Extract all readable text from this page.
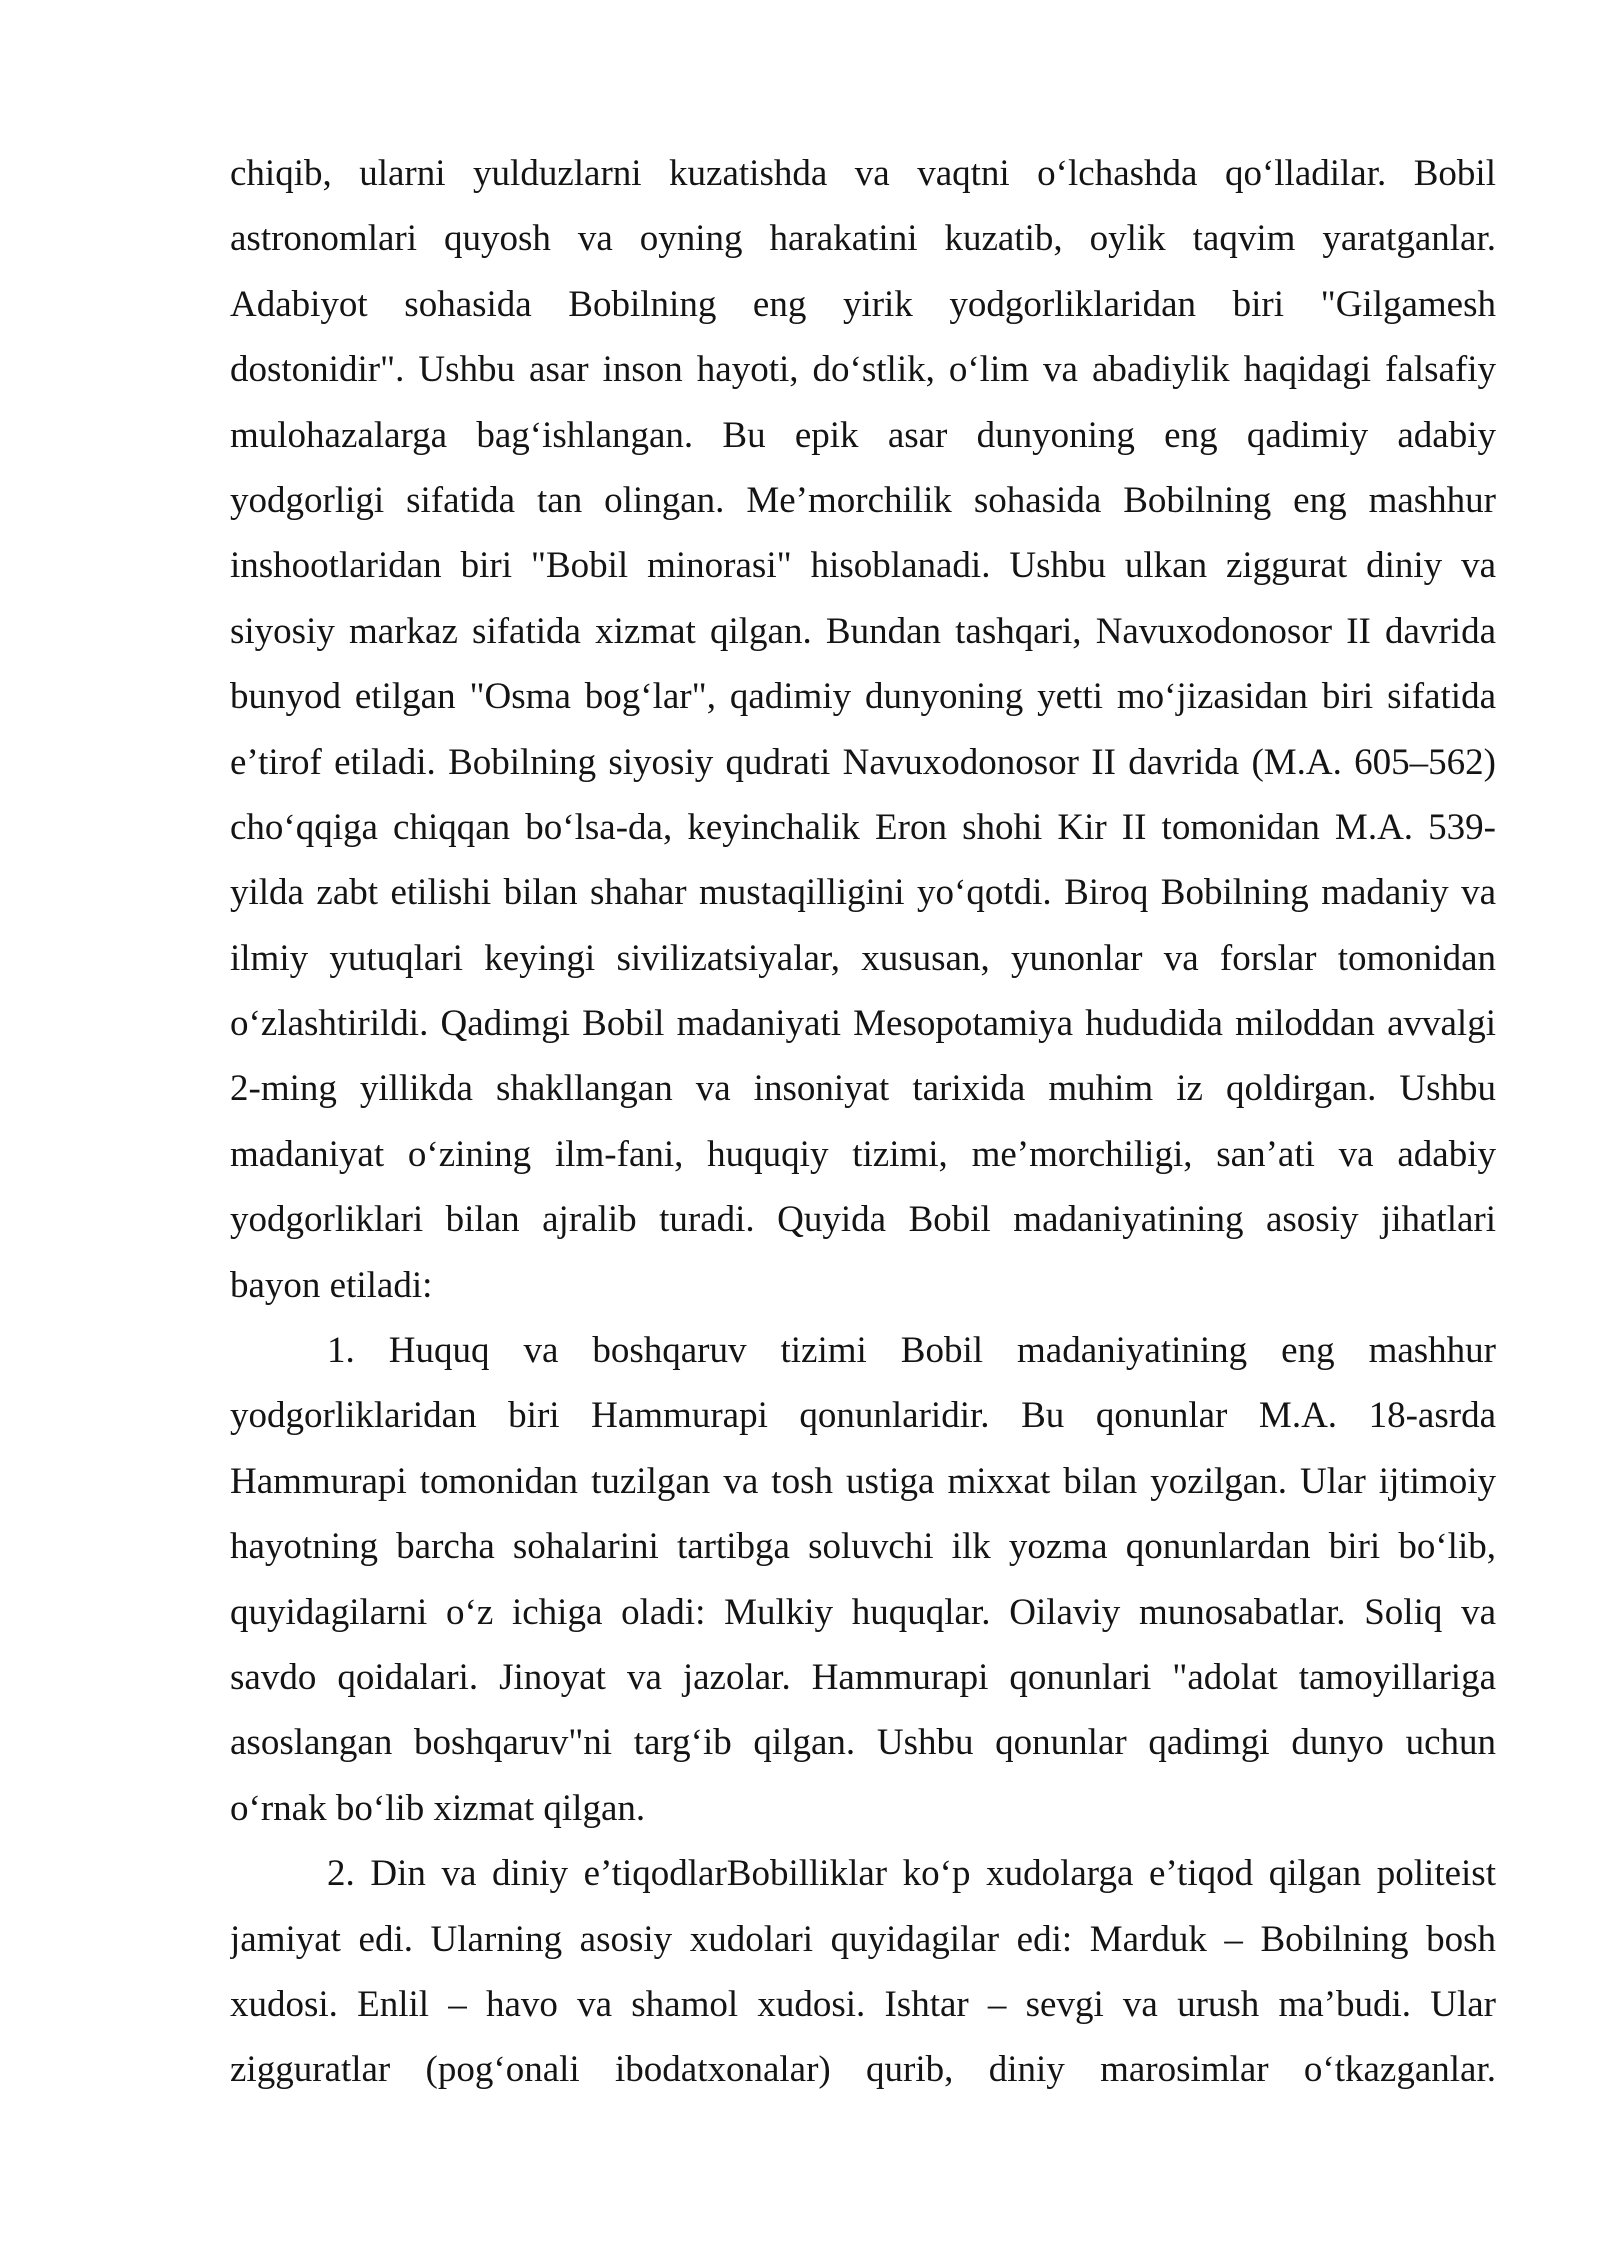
chiqib, ularni yulduzlarni kuzatishda va vaqtni o‘lchashda qo‘lladilar. Bobil
astronomlari quyosh va oyning harakatini kuzatib, oylik taqvim yaratganlar.
Adabiyot sohasida Bobilning eng yirik yodgorliklaridan biri "Gilgamesh
dostonidir". Ushbu asar inson hayoti, do‘stlik, o‘lim va abadiylik haqidagi falsafiy
mulohazalarga bag‘ishlangan. Bu epik asar dunyoning eng qadimiy adabiy
yodgorligi sifatida tan olingan. Me’morchilik sohasida Bobilning eng mashhur
inshootlaridan biri "Bobil minorasi" hisoblanadi. Ushbu ulkan ziggurat diniy va
siyosiy markaz sifatida xizmat qilgan. Bundan tashqari, Navuxodonosor II davrida
bunyod etilgan "Osma bog‘lar", qadimiy dunyoning yetti mo‘jizasidan biri sifatida
e’tirof etiladi. Bobilning siyosiy qudrati Navuxodonosor II davrida (M.A. 605–562)
cho‘qqiga chiqqan bo‘lsa-da, keyinchalik Eron shohi Kir II tomonidan M.A. 539-
yilda zabt etilishi bilan shahar mustaqilligini yo‘qotdi. Biroq Bobilning madaniy va
ilmiy yutuqlari keyingi sivilizatsiyalar, xususan, yunonlar va forslar tomonidan
o‘zlashtirildi. Qadimgi Bobil madaniyati Mesopotamiya hududida miloddan avvalgi
2-ming yillikda shakllangan va insoniyat tarixida muhim iz qoldirgan. Ushbu
madaniyat o‘zining ilm-fani, huquqiy tizimi, me’morchiligi, san’ati va adabiy
yodgorliklari bilan ajralib turadi. Quyida Bobil madaniyatining asosiy jihatlari
bayon etiladi:
1. Huquq va boshqaruv tizimi Bobil madaniyatining eng mashhur
yodgorliklaridan biri Hammurapi qonunlaridir. Bu qonunlar M.A. 18-asrda
Hammurapi tomonidan tuzilgan va tosh ustiga mixxat bilan yozilgan. Ular ijtimoiy
hayotning barcha sohalarini tartibga soluvchi ilk yozma qonunlardan biri bo‘lib,
quyidagilarni o‘z ichiga oladi: Mulkiy huquqlar. Oilaviy munosabatlar. Soliq va
savdo qoidalari. Jinoyat va jazolar. Hammurapi qonunlari "adolat tamoyillariga
asoslangan boshqaruv"ni targ‘ib qilgan. Ushbu qonunlar qadimgi dunyo uchun
o‘rnak bo‘lib xizmat qilgan.
2. Din va diniy e’tiqodlarBobilliklar ko‘p xudolarga e’tiqod qilgan politeist
jamiyat edi. Ularning asosiy xudolari quyidagilar edi: Marduk – Bobilning bosh
xudosi. Enlil – havo va shamol xudosi. Ishtar – sevgi va urush ma’budi. Ular
zigguratlar (pog‘onali ibodatxonalar) qurib, diniy marosimlar o‘tkazganlar.
